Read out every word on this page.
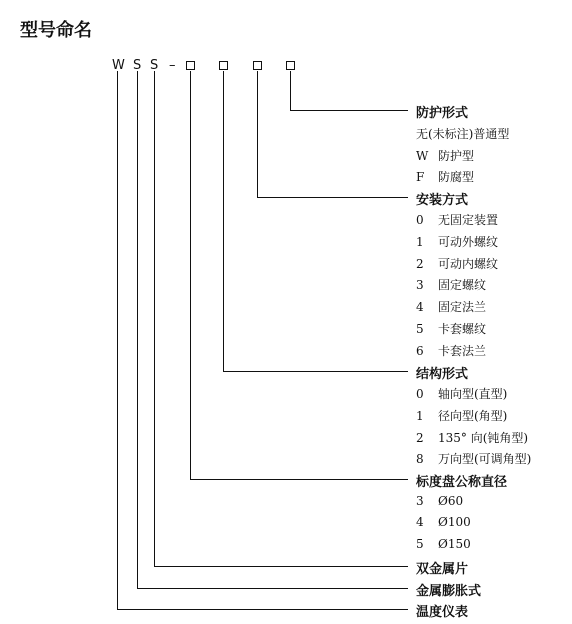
型号命名
W S S –
防护形式
无(未标注)普通型
W 防护型
F 防腐型
安装方式
0 无固定装置
1 可动外螺纹
2 可动内螺纹
3 固定螺纹
4 固定法兰
5 卡套螺纹
6 卡套法兰
结构形式
0 轴向型(直型)
1 径向型(角型)
2 135° 向(钝角型)
8 万向型(可调角型)
标度盘公称直径
3 Ø60
4 Ø100
5 Ø150
双金属片
金属膨胀式
温度仪表
